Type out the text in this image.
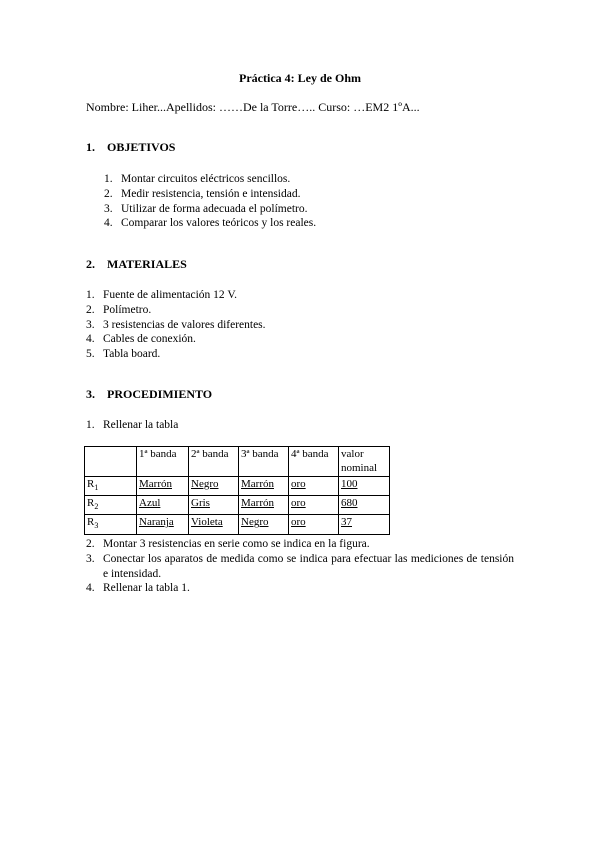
Práctica 4: Ley de Ohm
Nombre: Liher...Apellidos: ……De la Torre….. Curso: …EM2 1ºA...
1. OBJETIVOS
1. Montar circuitos eléctricos sencillos.
2. Medir resistencia, tensión e intensidad.
3. Utilizar de forma adecuada el polímetro.
4. Comparar los valores teóricos y los reales.
2. MATERIALES
1. Fuente de alimentación 12 V.
2. Polímetro.
3. 3 resistencias de valores diferentes.
4. Cables de conexión.
5. Tabla board.
3. PROCEDIMIENTO
1. Rellenar la tabla
	1ª banda	2ª banda	3ª banda	4ª banda	valor nominal
$R_1$	Marrón	Negro	Marrón	oro	100
$R_2$	Azul	Gris	Marrón	oro	680
$R_3$	Naranja	Violeta	Negro	oro	37
2. Montar 3 resistencias en serie como se indica en la figura.
3. Conectar los aparatos de medida como se indica para efectuar las mediciones de tensión e intensidad.
4. Rellenar la tabla 1.
